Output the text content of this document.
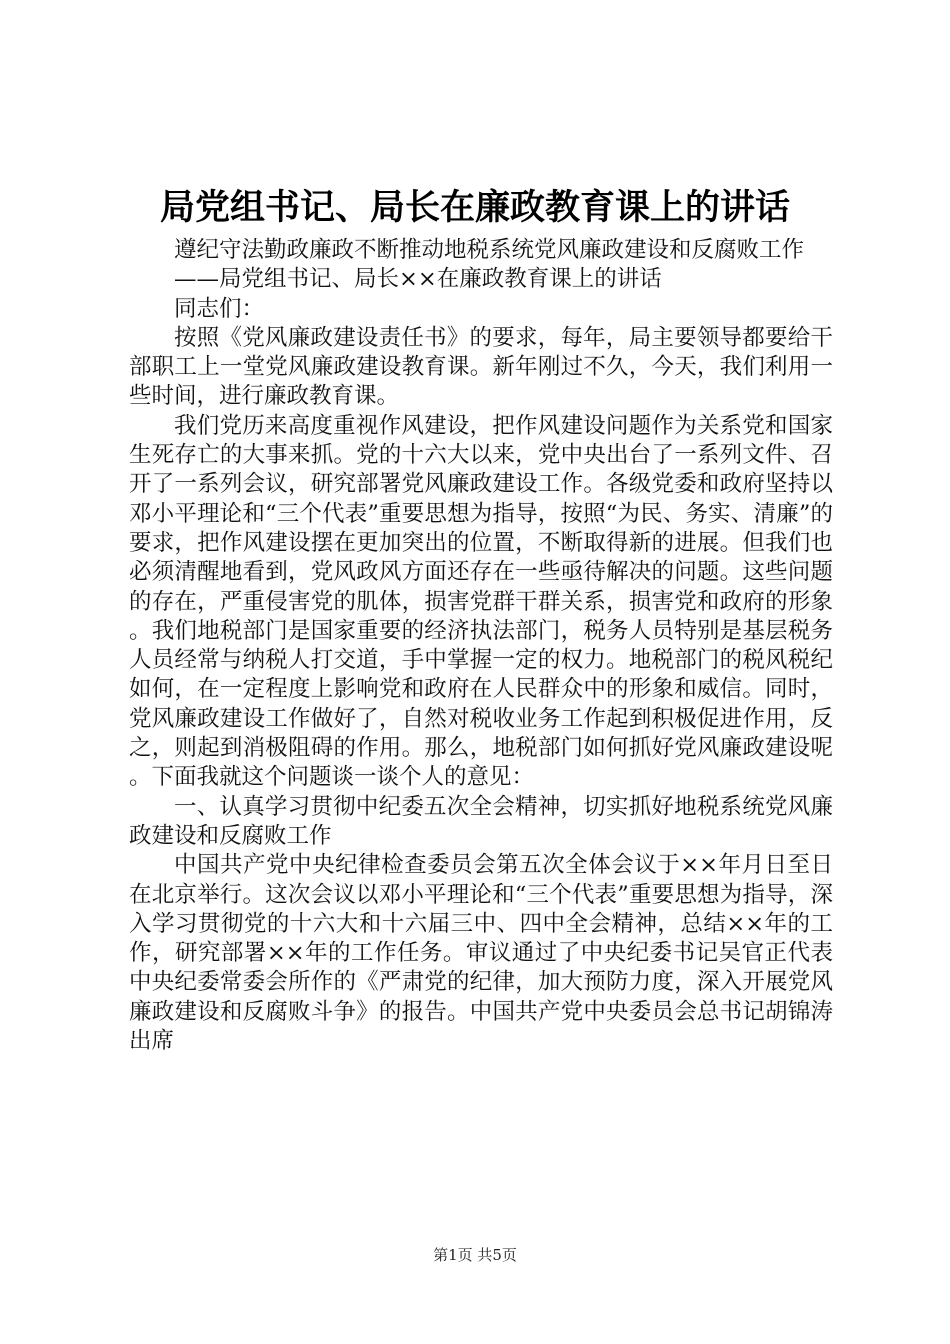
局党组书记、局长在廉政教育课上的讲话

遵纪守法勤政廉政不断推动地税系统党风廉政建设和反腐败工作

——局党组书记、局长××在廉政教育课上的讲话

同志们：

按照《党风廉政建设责任书》的要求，每年，局主要领导都要给干部职工上一堂党风廉政建设教育课。新年刚过不久，今天，我们利用一些时间，进行廉政教育课。

我们党历来高度重视作风建设，把作风建设问题作为关系党和国家生死存亡的大事来抓。党的十六大以来，党中央出台了一系列文件、召开了一系列会议，研究部署党风廉政建设工作。各级党委和政府坚持以邓小平理论和“三个代表”重要思想为指导，按照“为民、务实、清廉”的要求，把作风建设摆在更加突出的位置，不断取得新的进展。但我们也必须清醒地看到，党风政风方面还存在一些亟待解决的问题。这些问题的存在，严重侵害党的肌体，损害党群干群关系，损害党和政府的形象。我们地税部门是国家重要的经济执法部门，税务人员特别是基层税务人员经常与纳税人打交道，手中掌握一定的权力。地税部门的税风税纪如何，在一定程度上影响党和政府在人民群众中的形象和威信。同时，党风廉政建设工作做好了，自然对税收业务工作起到积极促进作用，反之，则起到消极阻碍的作用。那么，地税部门如何抓好党风廉政建设呢。下面我就这个问题谈一谈个人的意见：

一、认真学习贯彻中纪委五次全会精神，切实抓好地税系统党风廉政建设和反腐败工作

中国共产党中央纪律检查委员会第五次全体会议于××年月日至日在北京举行。这次会议以邓小平理论和“三个代表”重要思想为指导，深入学习贯彻党的十六大和十六届三中、四中全会精神，总结××年的工作，研究部署××年的工作任务。审议通过了中央纪委书记吴官正代表中央纪委常委会所作的《严肃党的纪律，加大预防力度，深入开展党风廉政建设和反腐败斗争》的报告。中国共产党中央委员会总书记胡锦涛出席

第1页 共5页
